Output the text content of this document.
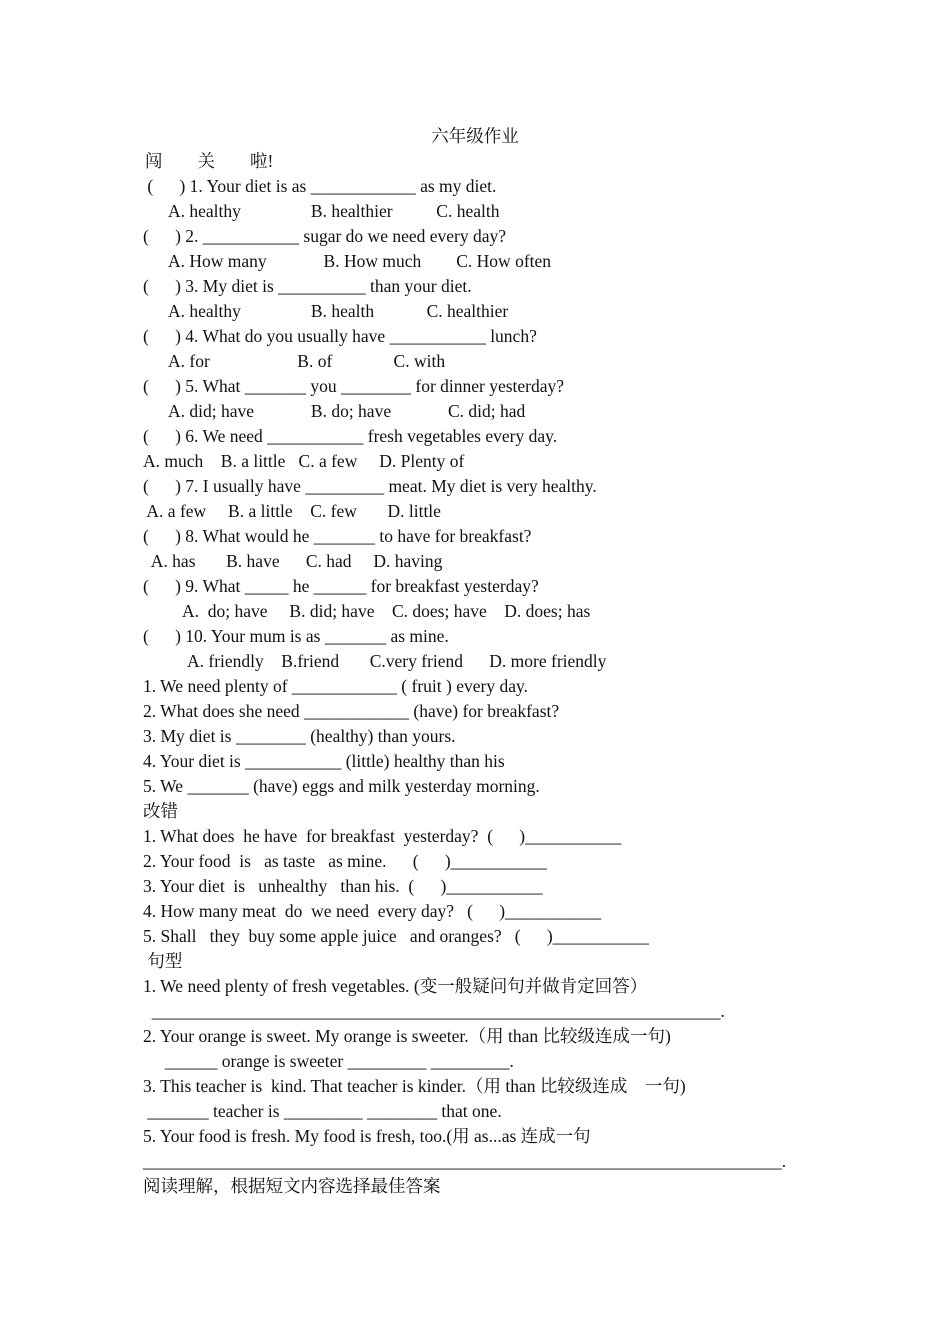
六年级作业
闯　　关　　啦!
(      ) 1. Your diet is as ____________ as my diet.
A. healthy                B. healthier          C. health
(      ) 2. ___________ sugar do we need every day?
A. How many             B. How much        C. How often
(      ) 3. My diet is __________ than your diet.
A. healthy                B. health            C. healthier
(      ) 4. What do you usually have ___________ lunch?
A. for                    B. of              C. with
(      ) 5. What _______ you ________ for dinner yesterday?
A. did; have             B. do; have             C. did; had
(      ) 6. We need ___________ fresh vegetables every day.
A. much    B. a little   C. a few     D. Plenty of
(      ) 7. I usually have _________ meat. My diet is very healthy.
A. a few     B. a little    C. few       D. little
(      ) 8. What would he _______ to have for breakfast?
A. has       B. have      C. had     D. having
(      ) 9. What _____ he ______ for breakfast yesterday?
A.  do; have     B. did; have    C. does; have    D. does; has
(      ) 10. Your mum is as _______ as mine.
A. friendly    B.friend       C.very friend      D. more friendly
1. We need plenty of ____________ ( fruit ) every day.
2. What does she need ____________ (have) for breakfast?
3. My diet is ________ (healthy) than yours.
4. Your diet is ___________ (little) healthy than his
5. We _______ (have) eggs and milk yesterday morning.
改错
1. What does  he have  for breakfast  yesterday?  (      )___________
2. Your food  is   as taste   as mine.      (      )___________
3. Your diet  is   unhealthy   than his.  (      )___________
4. How many meat  do  we need  every day?   (      )___________
5. Shall   they  buy some apple juice   and oranges?   (      )___________
句型
1. We need plenty of fresh vegetables. (变一般疑问句并做肯定回答）
_________________________________________________________________.
2. Your orange is sweet. My orange is sweeter.（用 than 比较级连成一句)
______ orange is sweeter _________ _________.
3. This teacher is  kind. That teacher is kinder.（用 than 比较级连成    一句)
_______ teacher is _________ ________ that one.
5. Your food is fresh. My food is fresh, too.(用 as...as 连成一句
_________________________________________________________________________.
阅读理解，根据短文内容选择最佳答案
